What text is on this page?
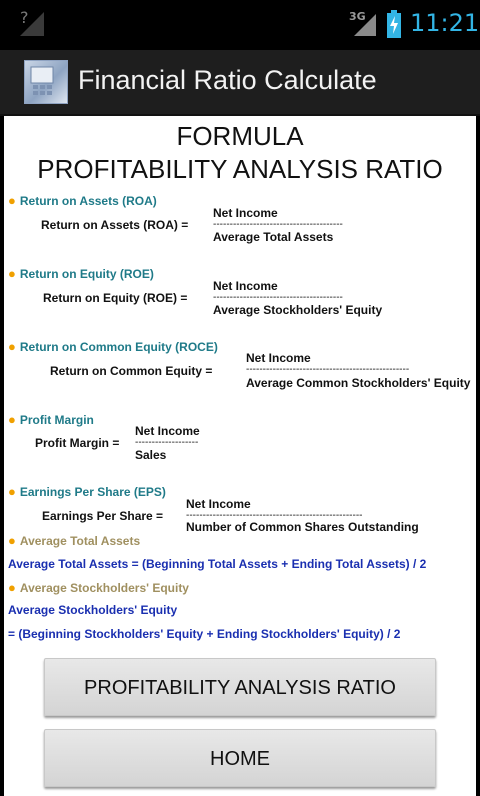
?	3G 11:21
Financial Ratio Calculate
FORMULA
PROFITABILITY ANALYSIS RATIO
● Return on Assets (ROA)
Return on Assets (ROA) =
Net Income
---------------------------------------
Average Total Assets
● Return on Equity (ROE)
Return on Equity (ROE) =
Net Income
---------------------------------------
Average Stockholders' Equity
● Return on Common Equity (ROCE)
Return on Common Equity =
Net Income
-------------------------------------------------
Average Common Stockholders' Equity
● Profit Margin
Profit Margin =
Net Income
-------------------
Sales
● Earnings Per Share (EPS)
Earnings Per Share =
Net Income
-----------------------------------------------------
Number of Common Shares Outstanding
● Average Total Assets
Average Total Assets = (Beginning Total Assets + Ending Total Assets) / 2
● Average Stockholders' Equity
Average Stockholders' Equity
= (Beginning Stockholders' Equity + Ending Stockholders' Equity) / 2
PROFITABILITY ANALYSIS RATIO
HOME
